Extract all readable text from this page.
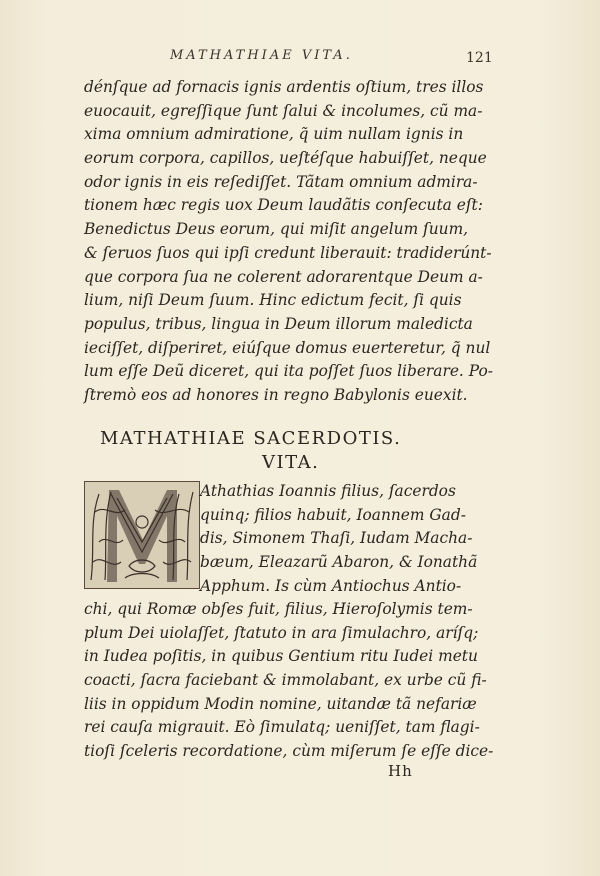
MATHATHIAE VITA.	121
dénſque ad fornacis ignis ardentis oſtium, tres illos
euocauit, egreſſique ſunt ſalui & incolumes, cũ ma-
xima omnium admiratione, q̃ uim nullam ignis in
eorum corpora, capillos, ueſtéſque habuiſſet, neque
odor ignis in eis reſediſſet. Tãtam omnium admira-
tionem hæc regis uox Deum laudãtis conſecuta eſt:
Benedictus Deus eorum, qui miſit angelum ſuum,
& ſeruos ſuos qui ipſi credunt liberauit: tradiderúnt-
que corpora ſua ne colerent adorarentque Deum a-
lium, niſi Deum ſuum. Hinc edictum fecit, ſi quis
populus, tribus, lingua in Deum illorum maledicta
ieciſſet, diſperiret, eiúſque domus euerteretur, q̃ nul
lum eſſe Deũ diceret, qui ita poſſet ſuos liberare. Po-
ſtremò eos ad honores in regno Babylonis euexit.
MATHATHIAE SACERDOTIS.
VITA.
Athathias Ioannis filius, ſacerdos
quinq; filios habuit, Ioannem Gad-
dis, Simonem Thaſi, Iudam Macha-
bæum, Eleazarũ Abaron, & Ionathã
Apphum. Is cùm Antiochus Antio-
chi, qui Romæ obſes fuit, filius, Hieroſolymis tem-
plum Dei uiolaſſet, ſtatuto in ara ſimulachro, aríſq;
in Iudea poſitis, in quibus Gentium ritu Iudei metu
coacti, ſacra faciebant & immolabant, ex urbe cũ fi-
liis in oppidum Modin nomine, uitandæ tã nefariæ
rei cauſa migrauit. Eò ſimulatq; ueniſſet, tam flagi-
tioſi ſceleris recordatione, cùm miſerum ſe eſſe dice-
Hh
